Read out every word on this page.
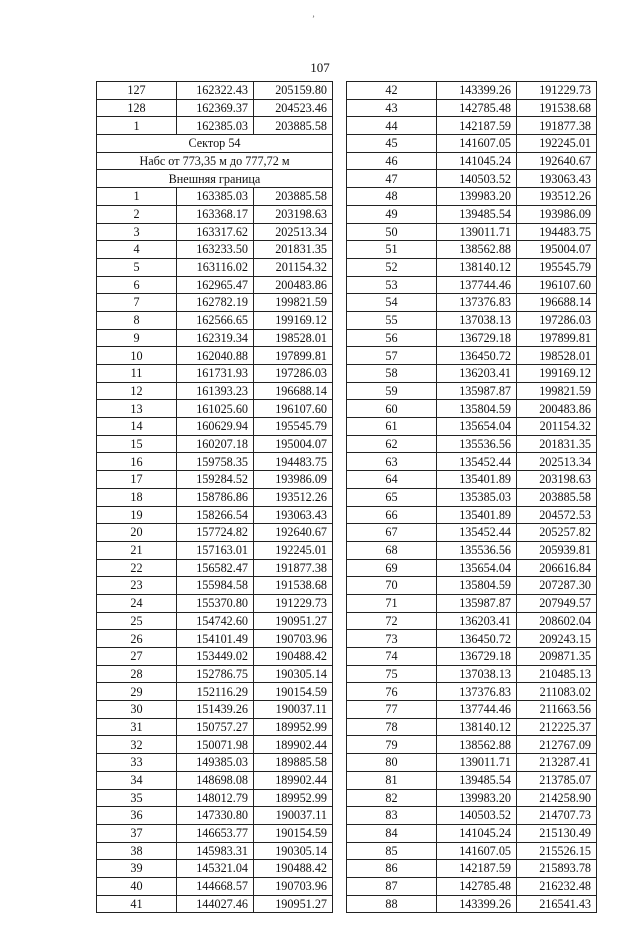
’
107
127	162322.43	205159.80
128	162369.37	204523.46
1	162385.03	203885.58
Сектор 54		
Набс от 773,35 м до 777,72 м		
Внешняя граница		
1	163385.03	203885.58
2	163368.17	203198.63
3	163317.62	202513.34
4	163233.50	201831.35
5	163116.02	201154.32
6	162965.47	200483.86
7	162782.19	199821.59
8	162566.65	199169.12
9	162319.34	198528.01
10	162040.88	197899.81
11	161731.93	197286.03
12	161393.23	196688.14
13	161025.60	196107.60
14	160629.94	195545.79
15	160207.18	195004.07
16	159758.35	194483.75
17	159284.52	193986.09
18	158786.86	193512.26
19	158266.54	193063.43
20	157724.82	192640.67
21	157163.01	192245.01
22	156582.47	191877.38
23	155984.58	191538.68
24	155370.80	191229.73
25	154742.60	190951.27
26	154101.49	190703.96
27	153449.02	190488.42
28	152786.75	190305.14
29	152116.29	190154.59
30	151439.26	190037.11
31	150757.27	189952.99
32	150071.98	189902.44
33	149385.03	189885.58
34	148698.08	189902.44
35	148012.79	189952.99
36	147330.80	190037.11
37	146653.77	190154.59
38	145983.31	190305.14
39	145321.04	190488.42
40	144668.57	190703.96
41	144027.46	190951.27
42	143399.26	191229.73
43	142785.48	191538.68
44	142187.59	191877.38
45	141607.05	192245.01
46	141045.24	192640.67
47	140503.52	193063.43
48	139983.20	193512.26
49	139485.54	193986.09
50	139011.71	194483.75
51	138562.88	195004.07
52	138140.12	195545.79
53	137744.46	196107.60
54	137376.83	196688.14
55	137038.13	197286.03
56	136729.18	197899.81
57	136450.72	198528.01
58	136203.41	199169.12
59	135987.87	199821.59
60	135804.59	200483.86
61	135654.04	201154.32
62	135536.56	201831.35
63	135452.44	202513.34
64	135401.89	203198.63
65	135385.03	203885.58
66	135401.89	204572.53
67	135452.44	205257.82
68	135536.56	205939.81
69	135654.04	206616.84
70	135804.59	207287.30
71	135987.87	207949.57
72	136203.41	208602.04
73	136450.72	209243.15
74	136729.18	209871.35
75	137038.13	210485.13
76	137376.83	211083.02
77	137744.46	211663.56
78	138140.12	212225.37
79	138562.88	212767.09
80	139011.71	213287.41
81	139485.54	213785.07
82	139983.20	214258.90
83	140503.52	214707.73
84	141045.24	215130.49
85	141607.05	215526.15
86	142187.59	215893.78
87	142785.48	216232.48
88	143399.26	216541.43
